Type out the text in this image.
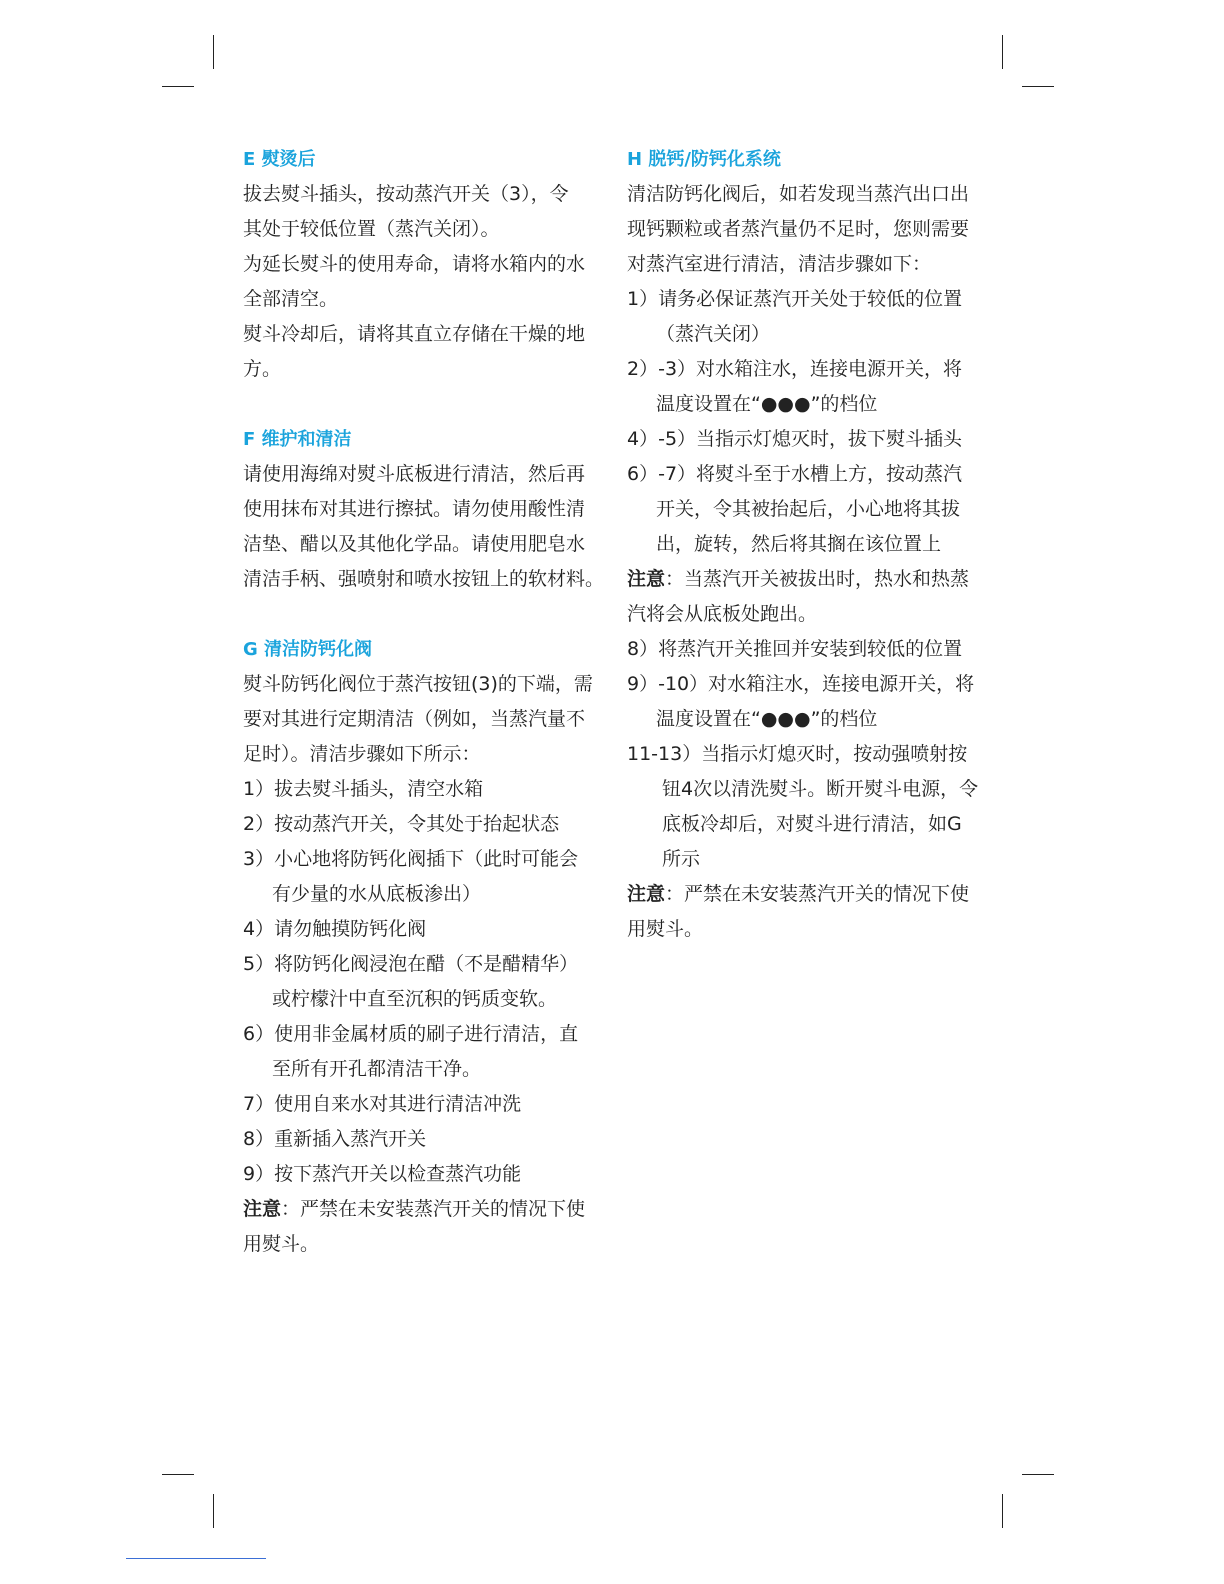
E 熨烫后
拔去熨斗插头，按动蒸汽开关（3），令
其处于较低位置（蒸汽关闭）。
为延长熨斗的使用寿命，请将水箱内的水
全部清空。
熨斗冷却后，请将其直立存储在干燥的地
方。
F 维护和清洁
请使用海绵对熨斗底板进行清洁，然后再
使用抹布对其进行擦拭。请勿使用酸性清
洁垫、醋以及其他化学品。请使用肥皂水
清洁手柄、强喷射和喷水按钮上的软材料。
G 清洁防钙化阀
熨斗防钙化阀位于蒸汽按钮(3)的下端，需
要对其进行定期清洁（例如，当蒸汽量不
足时）。清洁步骤如下所示：
1） 拔去熨斗插头，清空水箱
2） 按动蒸汽开关，令其处于抬起状态
3） 小心地将防钙化阀插下（此时可能会
有少量的水从底板渗出）
4） 请勿触摸防钙化阀
5） 将防钙化阀浸泡在醋（不是醋精华）
或柠檬汁中直至沉积的钙质变软。
6） 使用非金属材质的刷子进行清洁，直
至所有开孔都清洁干净。
7） 使用自来水对其进行清洁冲洗
8） 重新插入蒸汽开关
9） 按下蒸汽开关以检查蒸汽功能
注意：严禁在未安装蒸汽开关的情况下使
用熨斗。
H 脱钙/防钙化系统
清洁防钙化阀后，如若发现当蒸汽出口出
现钙颗粒或者蒸汽量仍不足时，您则需要
对蒸汽室进行清洁，清洁步骤如下：
1） 请务必保证蒸汽开关处于较低的位置
（蒸汽关闭）
2）-3） 对水箱注水，连接电源开关，将
温度设置在“●●●”的档位
4）-5） 当指示灯熄灭时，拔下熨斗插头
6）-7） 将熨斗至于水槽上方，按动蒸汽
开关，令其被抬起后，小心地将其拔
出，旋转，然后将其搁在该位置上
注意：当蒸汽开关被拔出时，热水和热蒸
汽将会从底板处跑出。
8） 将蒸汽开关推回并安装到较低的位置
9）-10） 对水箱注水，连接电源开关，将
温度设置在“●●●”的档位
11-13） 当指示灯熄灭时，按动强喷射按
钮4次以清洗熨斗。断开熨斗电源，令
底板冷却后，对熨斗进行清洁，如G
所示
注意：严禁在未安装蒸汽开关的情况下使
用熨斗。
